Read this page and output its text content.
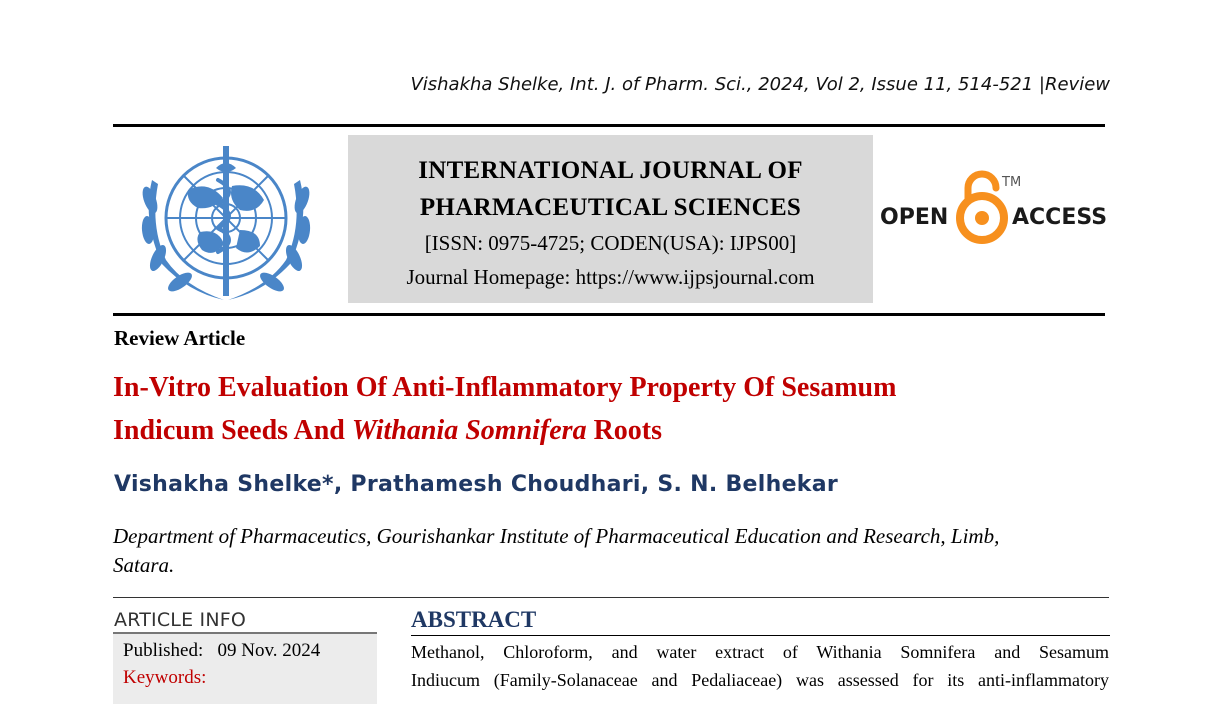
Vishakha Shelke, Int. J. of Pharm. Sci., 2024, Vol 2, Issue 11, 514-521 |Review
INTERNATIONAL JOURNAL OF
PHARMACEUTICAL SCIENCES
[ISSN: 0975-4725; CODEN(USA): IJPS00]
Journal Homepage: https://www.ijpsjournal.com
OPEN
TM
ACCESS
Review Article
In-Vitro Evaluation Of Anti-Inflammatory Property Of Sesamum
Indicum Seeds And Withania Somnifera Roots
Vishakha Shelke*, Prathamesh Choudhari, S. N. Belhekar
Department of Pharmaceutics, Gourishankar Institute of Pharmaceutical Education and Research, Limb,
Satara.
ARTICLE INFO
Published: 09 Nov. 2024
Keywords:
ABSTRACT
Methanol, Chloroform, and water extract of Withania Somnifera and Sesamum
Indiucum (Family-Solanaceae and Pedaliaceae) was assessed for its anti-inflammatory
